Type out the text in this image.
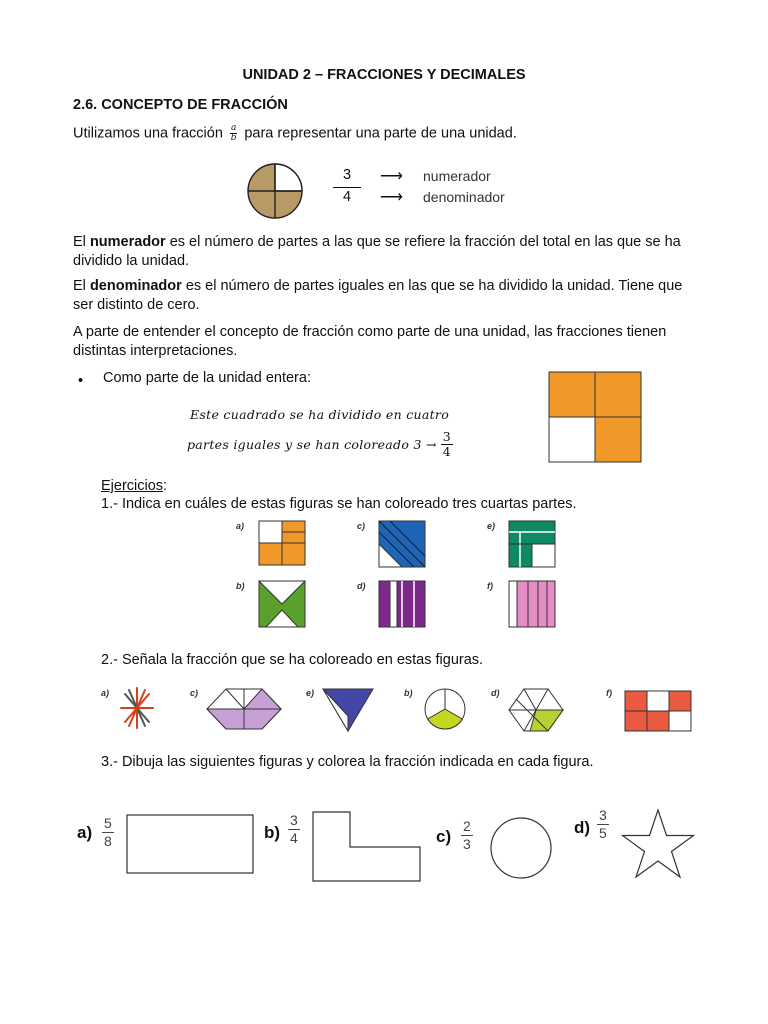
UNIDAD 2 – FRACCIONES Y DECIMALES
2.6. CONCEPTO DE FRACCIÓN
Utilizamos una fracción $\frac{a}{b}$ para representar una parte de una unidad.
3
4
⟶
⟶
numerador
denominador
El numerador es el número de partes a las que se refiere la fracción del total en las que se ha dividido la unidad.
El denominador es el número de partes iguales en las que se ha dividido la unidad. Tiene que ser distinto de cero.
A parte de entender el concepto de fracción como parte de una unidad, las fracciones tienen distintas interpretaciones.
• Como parte de la unidad entera:
Este cuadrado se ha dividido en cuatro
partes iguales y se han coloreado 3 →
3
4
Ejercicios:
1.- Indica en cuáles de estas figuras se han coloreado tres cuartas partes.
a)	c)	e)
b)	d)	f)
2.- Señala la fracción que se ha coloreado en estas figuras.
a)	c)	e)	b)	d)	f)
3.- Dibuja las siguientes figuras y colorea la fracción indicada en cada figura.
a) 5
8	b)
3
4	c)
2
3
d)
3
5
